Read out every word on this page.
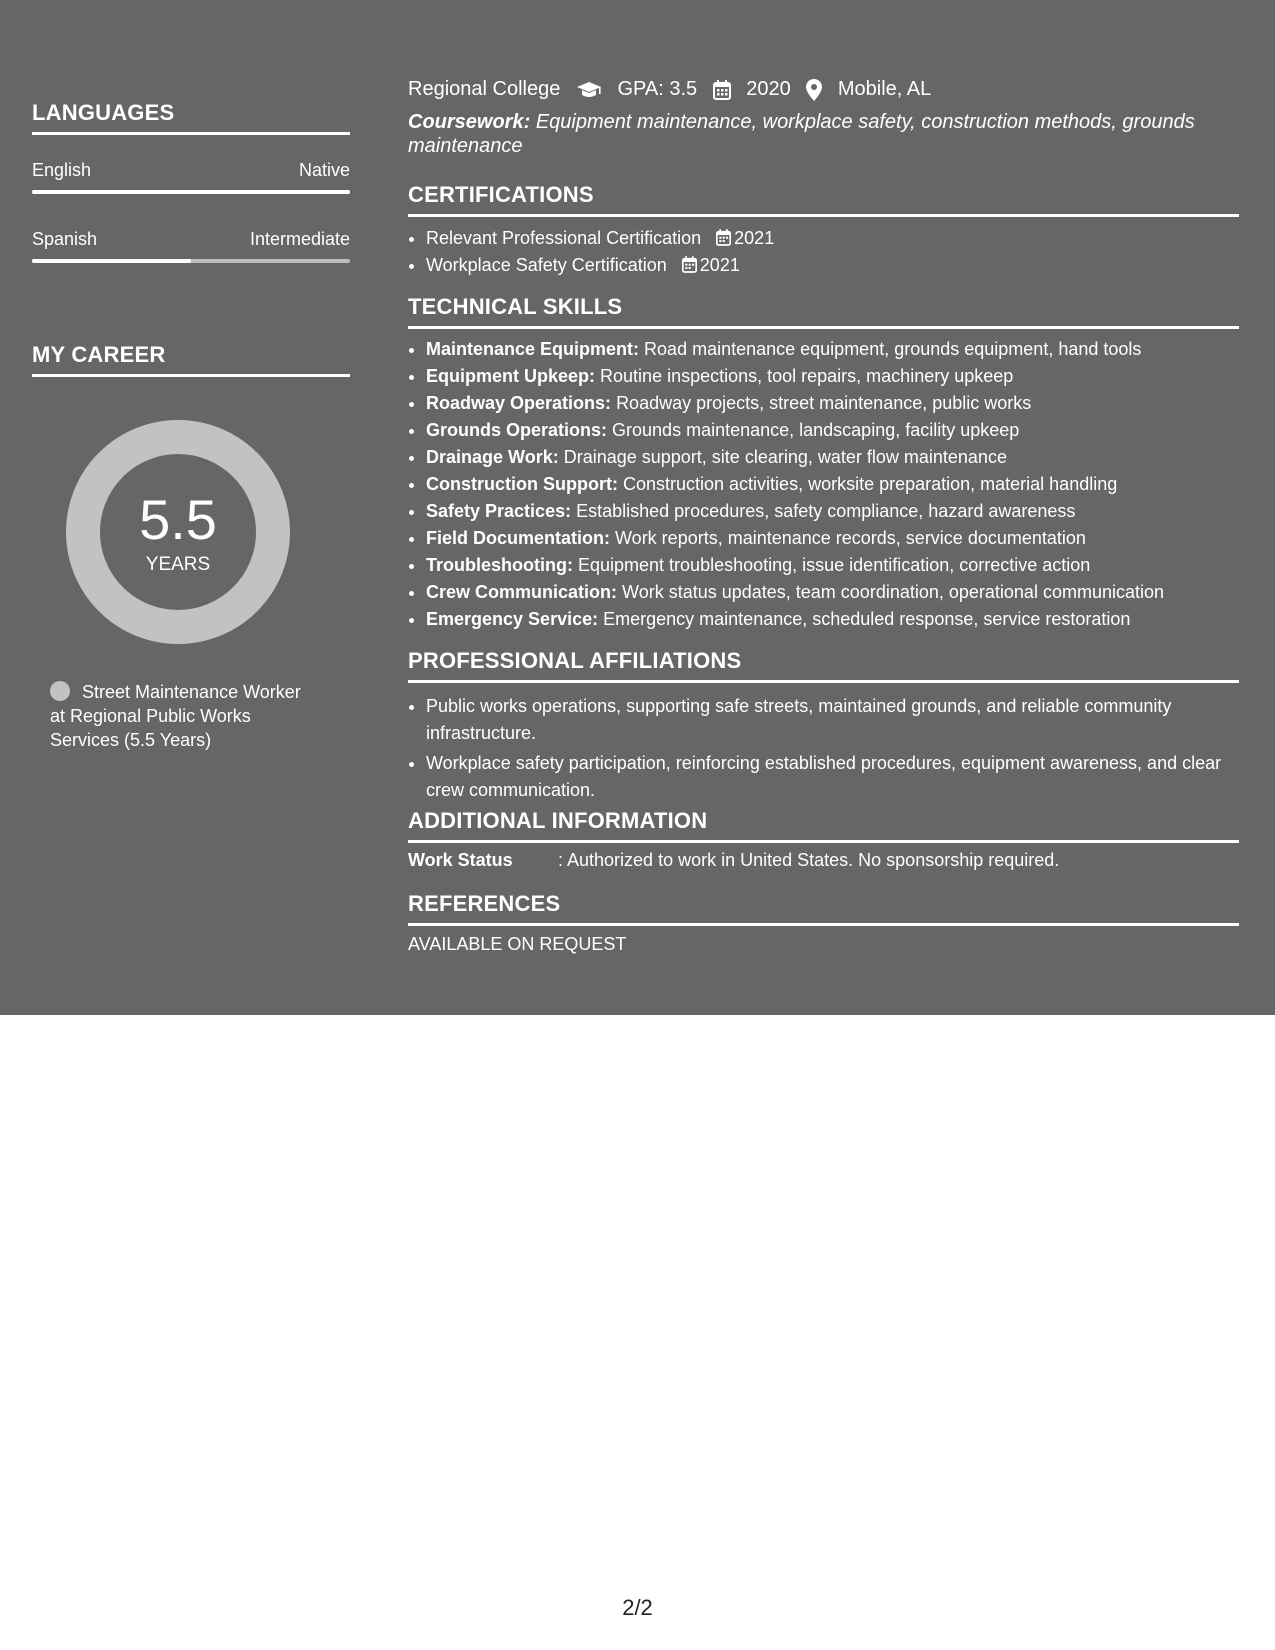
LANGUAGES
English	Native
Spanish	Intermediate
MY CAREER
5.5
YEARS
Street Maintenance Worker at Regional Public Works Services (5.5 Years)
Regional College	GPA: 3.5 2020 Mobile, AL
Coursework: Equipment maintenance, workplace safety, construction methods, grounds maintenance
CERTIFICATIONS
• Relevant Professional Certification 2021
• Workplace Safety Certification 2021
TECHNICAL SKILLS
• Maintenance Equipment: Road maintenance equipment, grounds equipment, hand tools
• Equipment Upkeep: Routine inspections, tool repairs, machinery upkeep
• Roadway Operations: Roadway projects, street maintenance, public works
• Grounds Operations: Grounds maintenance, landscaping, facility upkeep
• Drainage Work: Drainage support, site clearing, water flow maintenance
• Construction Support: Construction activities, worksite preparation, material handling
• Safety Practices: Established procedures, safety compliance, hazard awareness
• Field Documentation: Work reports, maintenance records, service documentation
• Troubleshooting: Equipment troubleshooting, issue identification, corrective action
• Crew Communication: Work status updates, team coordination, operational communication
• Emergency Service: Emergency maintenance, scheduled response, service restoration
PROFESSIONAL AFFILIATIONS
• Public works operations, supporting safe streets, maintained grounds, and reliable community infrastructure.
• Workplace safety participation, reinforcing established procedures, equipment awareness, and clear crew communication.
ADDITIONAL INFORMATION
Work Status	: Authorized to work in United States. No sponsorship required.
REFERENCES
AVAILABLE ON REQUEST
2/2
